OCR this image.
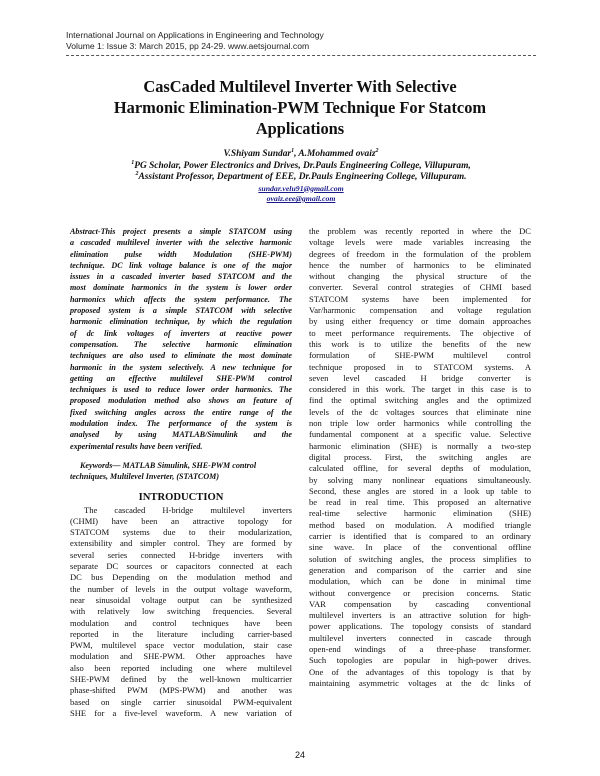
International Journal on Applications in Engineering and Technology
Volume 1: Issue 3: March 2015, pp 24-29. www.aetsjournal.com
CasCaded Multilevel Inverter With Selective
Harmonic Elimination-PWM Technique For Statcom
Applications
V.Shiyam Sundar$^1$, A.Mohammed ovaiz$^2$
$^1$PG Scholar, Power Electronics and Drives, Dr.Pauls Engineering College, Villupuram,
$^2$Assistant Professor, Department of EEE, Dr.Pauls Engineering College, Villupuram.
sundar.velu91@gmail.com
ovaiz.eee@gmail.com
Abstract-This project presents a simple STATCOM using
a cascaded multilevel inverter with the selective harmonic
elimination pulse width Modulation (SHE-PWM)
technique. DC link voltage balance is one of the major
issues in a cascaded inverter based STATCOM and the
most dominate harmonics in the system is lower order
harmonics which affects the system performance. The
proposed system is a simple STATCOM with selective
harmonic elimination technique, by which the regulation
of dc link voltages of inverters at reactive power
compensation. The selective harmonic elimination
techniques are also used to eliminate the most dominate
harmonic in the system selectively. A new technique for
getting an effective multilevel SHE-PWM control
techniques is used to reduce lower order harmonics. The
proposed modulation method also shows an feature of
fixed switching angles across the entire range of the
modulation index. The performance of the system is
analysed by using MATLAB/Simulink and the
experimental results have been verified.
Keywords— MATLAB Simulink, SHE-PWM control
techniques, Multilevel Inverter, (STATCOM)
INTRODUCTION
The cascaded H-bridge multilevel inverters
(CHMI) have been an attractive topology for
STATCOM systems due to their modularization,
extensibility and simpler control. They are formed by
several series connected H-bridge inverters with
separate DC sources or capacitors connected at each
DC bus Depending on the modulation method and
the number of levels in the output voltage waveform,
near sinusoidal voltage output can be synthesized
with relatively low switching frequencies. Several
modulation and control techniques have been
reported in the literature including carrier-based
PWM, multilevel space vector modulation, stair case
modulation and SHE-PWM. Other approaches have
also been reported including one where multilevel
SHE-PWM defined by the well-known multicarrier
phase-shifted PWM (MPS-PWM) and another was
based on single carrier sinusoidal PWM-equivalent
SHE for a five-level waveform. A new variation of
the problem was recently reported in where the DC
voltage levels were made variables increasing the
degrees of freedom in the formulation of the problem
hence the number of harmonics to be eliminated
without changing the physical structure of the
converter. Several control strategies of CHMI based
STATCOM systems have been implemented for
Var/harmonic compensation and voltage regulation
by using either frequency or time domain approaches
to meet performance requirements. The objective of
this work is to utilize the benefits of the new
formulation of SHE-PWM multilevel control
technique proposed in to STATCOM systems. A
seven level cascaded H bridge converter is
considered in this work. The target in this case is to
find the optimal switching angles and the optimized
levels of the dc voltages sources that eliminate nine
non triple low order harmonics while controlling the
fundamental component at a specific value. Selective
harmonic elimination (SHE) is normally a two-step
digital process. First, the switching angles are
calculated offline, for several depths of modulation,
by solving many nonlinear equations simultaneously.
Second, these angles are stored in a look up table to
be read in real time. This proposed an alternative
real-time selective harmonic elimination (SHE)
method based on modulation. A modified triangle
carrier is identified that is compared to an ordinary
sine wave. In place of the conventional offline
solution of switching angles, the process simplifies to
generation and comparison of the carrier and sine
modulation, which can be done in minimal time
without convergence or precision concerns. Static
VAR compensation by cascading conventional
multilevel inverters is an attractive solution for high-
power applications. The topology consists of standard
multilevel inverters connected in cascade through
open-end windings of a three-phase transformer.
Such topologies are popular in high-power drives.
One of the advantages of this topology is that by
maintaining asymmetric voltages at the dc links of
24
